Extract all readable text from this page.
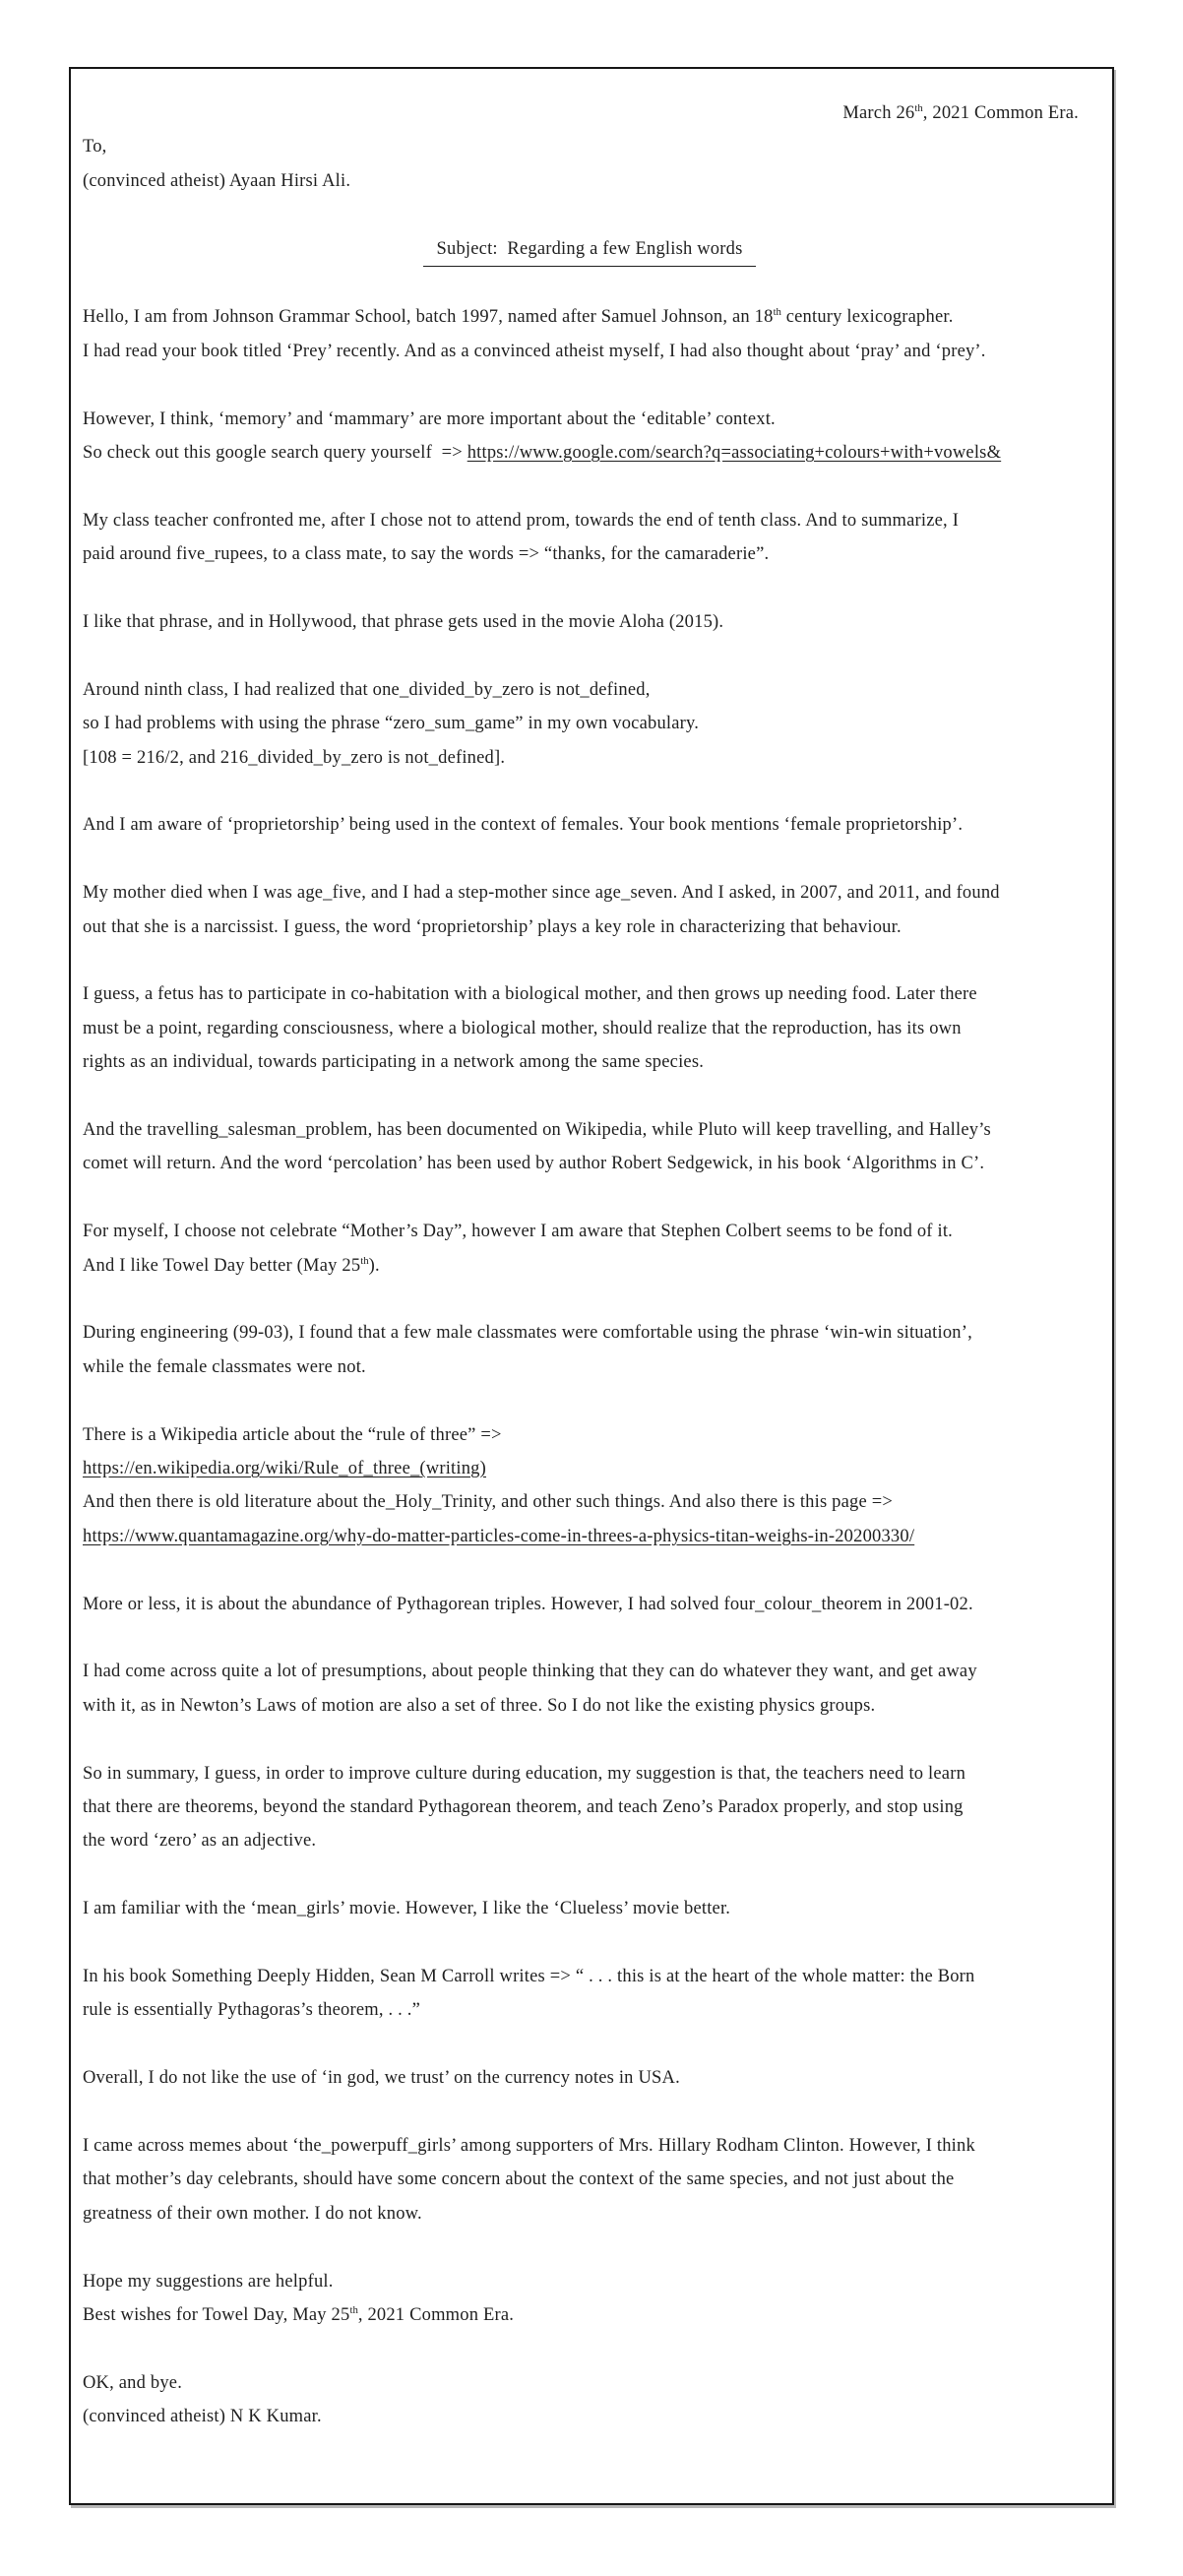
March 26th, 2021 Common Era.

To,

(convinced atheist) Ayaan Hirsi Ali.

Subject:  Regarding a few English words

Hello, I am from Johnson Grammar School, batch 1997, named after Samuel Johnson, an 18th century lexicographer.
I had read your book titled ‘Prey’ recently. And as a convinced atheist myself, I had also thought about ‘pray’ and ‘prey’.

However, I think, ‘memory’ and ‘mammary’ are more important about the ‘editable’ context.
So check out this google search query yourself  => https://www.google.com/search?q=associating+colours+with+vowels&

My class teacher confronted me, after I chose not to attend prom, towards the end of tenth class. And to summarize, I
paid around five_rupees, to a class mate, to say the words => “thanks, for the camaraderie”.

I like that phrase, and in Hollywood, that phrase gets used in the movie Aloha (2015).

Around ninth class, I had realized that one_divided_by_zero is not_defined,
so I had problems with using the phrase “zero_sum_game” in my own vocabulary.
[108 = 216/2, and 216_divided_by_zero is not_defined].

And I am aware of ‘proprietorship’ being used in the context of females. Your book mentions ‘female proprietorship’.

My mother died when I was age_five, and I had a step-mother since age_seven. And I asked, in 2007, and 2011, and found
out that she is a narcissist. I guess, the word ‘proprietorship’ plays a key role in characterizing that behaviour.

I guess, a fetus has to participate in co-habitation with a biological mother, and then grows up needing food. Later there
must be a point, regarding consciousness, where a biological mother, should realize that the reproduction, has its own
rights as an individual, towards participating in a network among the same species.

And the travelling_salesman_problem, has been documented on Wikipedia, while Pluto will keep travelling, and Halley’s
comet will return. And the word ‘percolation’ has been used by author Robert Sedgewick, in his book ‘Algorithms in C’.

For myself, I choose not celebrate “Mother’s Day”, however I am aware that Stephen Colbert seems to be fond of it.
And I like Towel Day better (May 25th).

During engineering (99-03), I found that a few male classmates were comfortable using the phrase ‘win-win situation’,
while the female classmates were not.

There is a Wikipedia article about the “rule of three” =>
https://en.wikipedia.org/wiki/Rule_of_three_(writing)
And then there is old literature about the_Holy_Trinity, and other such things. And also there is this page =>
https://www.quantamagazine.org/why-do-matter-particles-come-in-threes-a-physics-titan-weighs-in-20200330/

More or less, it is about the abundance of Pythagorean triples. However, I had solved four_colour_theorem in 2001-02.

I had come across quite a lot of presumptions, about people thinking that they can do whatever they want, and get away
with it, as in Newton’s Laws of motion are also a set of three. So I do not like the existing physics groups.

So in summary, I guess, in order to improve culture during education, my suggestion is that, the teachers need to learn
that there are theorems, beyond the standard Pythagorean theorem, and teach Zeno’s Paradox properly, and stop using
the word ‘zero’ as an adjective.

I am familiar with the ‘mean_girls’ movie. However, I like the ‘Clueless’ movie better.

In his book Something Deeply Hidden, Sean M Carroll writes => “ . . . this is at the heart of the whole matter: the Born
rule is essentially Pythagoras’s theorem, . . .”

Overall, I do not like the use of ‘in god, we trust’ on the currency notes in USA.

I came across memes about ‘the_powerpuff_girls’ among supporters of Mrs. Hillary Rodham Clinton. However, I think
that mother’s day celebrants, should have some concern about the context of the same species, and not just about the
greatness of their own mother. I do not know.

Hope my suggestions are helpful.
Best wishes for Towel Day, May 25th, 2021 Common Era.

OK, and bye.
(convinced atheist) N K Kumar.
